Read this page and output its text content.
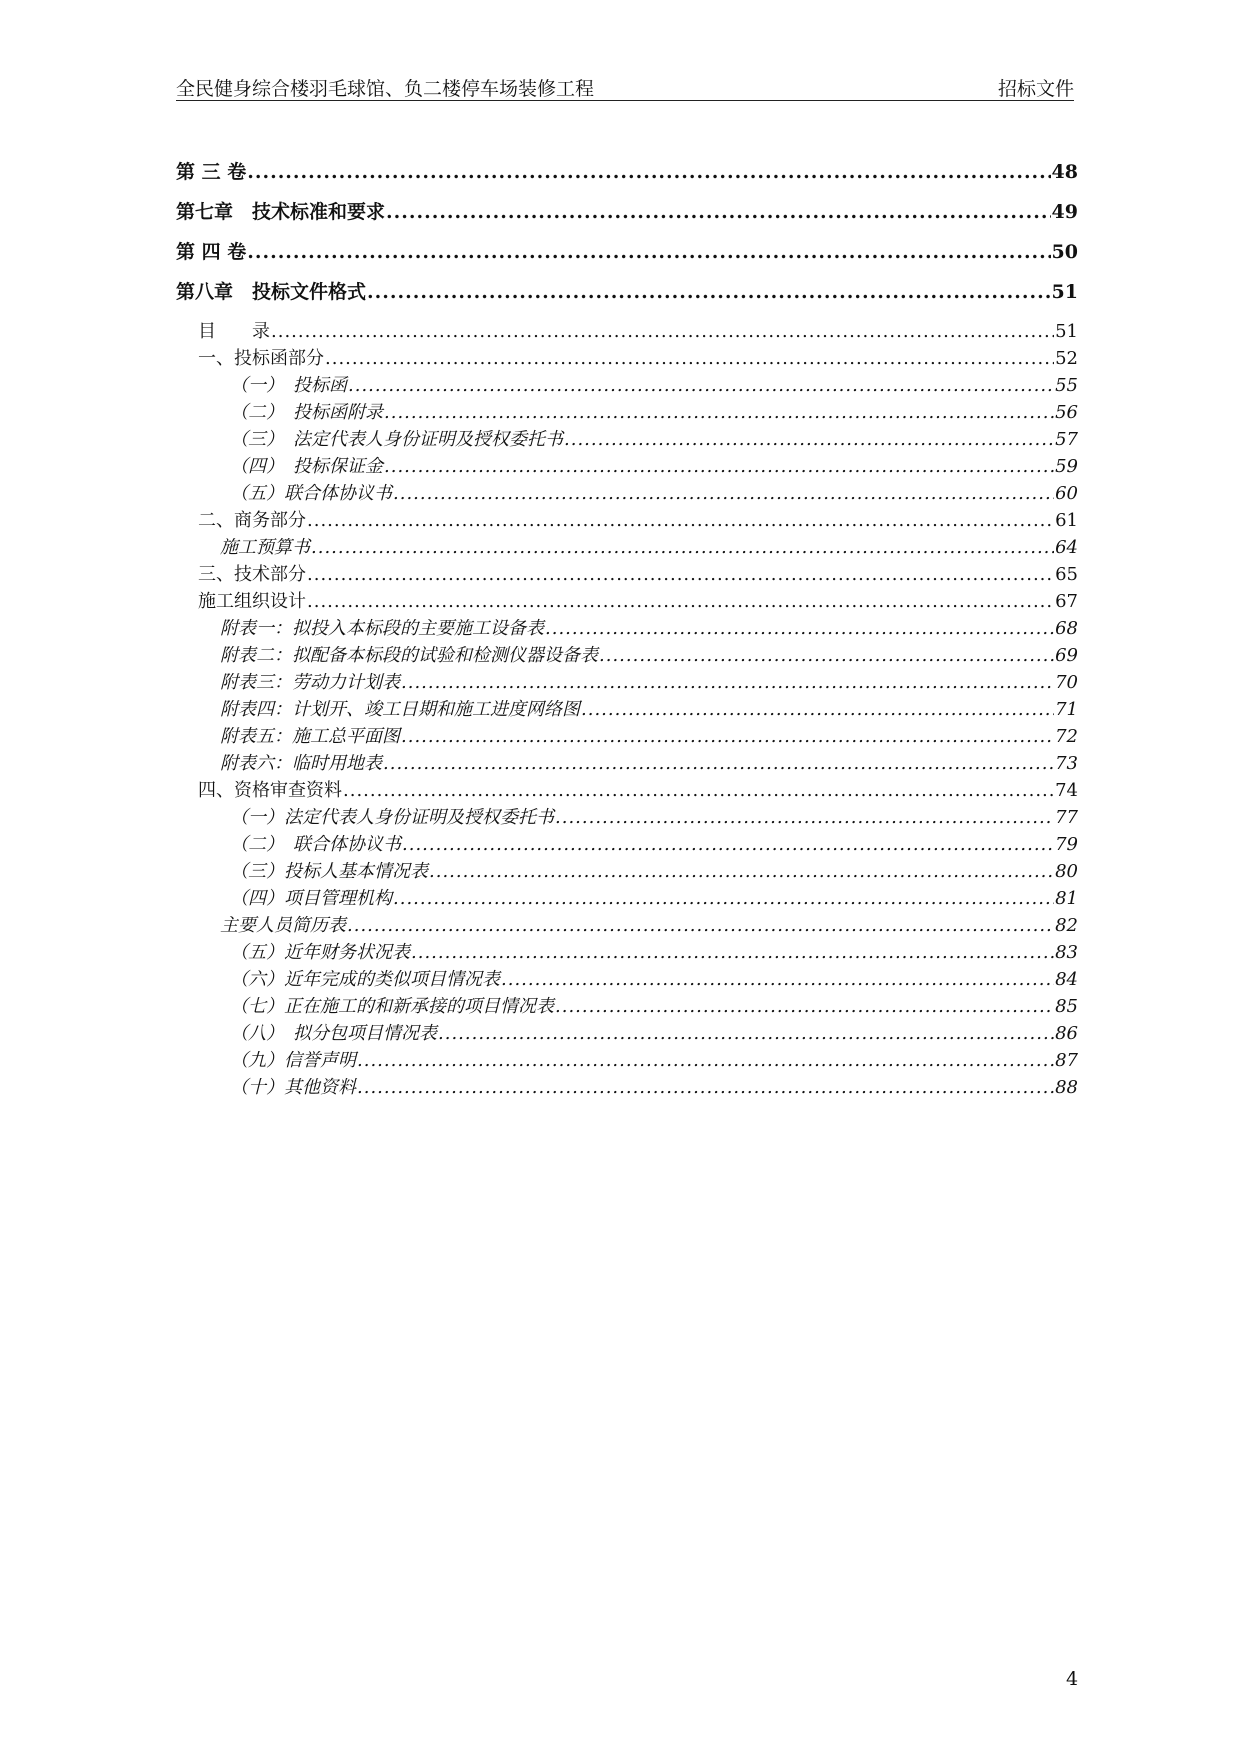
全民健身综合楼羽毛球馆、负二楼停车场装修工程	招标文件
第 三 卷 .....	48
第七章　技术标准和要求 .....	49
第 四 卷 .....	50
第八章　投标文件格式 .....	51
目　　录 .....	51
一、投标函部分 .....	52
（一）　投标函 .....	55
（二）　投标函附录 .....	56
（三）　法定代表人身份证明及授权委托书 .....	57
（四）　投标保证金 .....	59
（五）联合体协议书 .....	60
二、商务部分 .....	61
施工预算书 .....	64
三、技术部分 .....	65
施工组织设计 .....	67
附表一：拟投入本标段的主要施工设备表 .....	68
附表二：拟配备本标段的试验和检测仪器设备表 .....	69
附表三：劳动力计划表 .....	70
附表四：计划开、竣工日期和施工进度网络图 .....	71
附表五：施工总平面图 .....	72
附表六：临时用地表 .....	73
四、资格审查资料 .....	74
（一）法定代表人身份证明及授权委托书 .....	77
（二）　联合体协议书 .....	79
（三）投标人基本情况表 .....	80
（四）项目管理机构 .....	81
主要人员简历表 .....	82
（五）近年财务状况表 .....	83
（六）近年完成的类似项目情况表 .....	84
（七）正在施工的和新承接的项目情况表 .....	85
（八）　拟分包项目情况表 .....	86
（九）信誉声明 .....	87
（十）其他资料 .....	88
4
